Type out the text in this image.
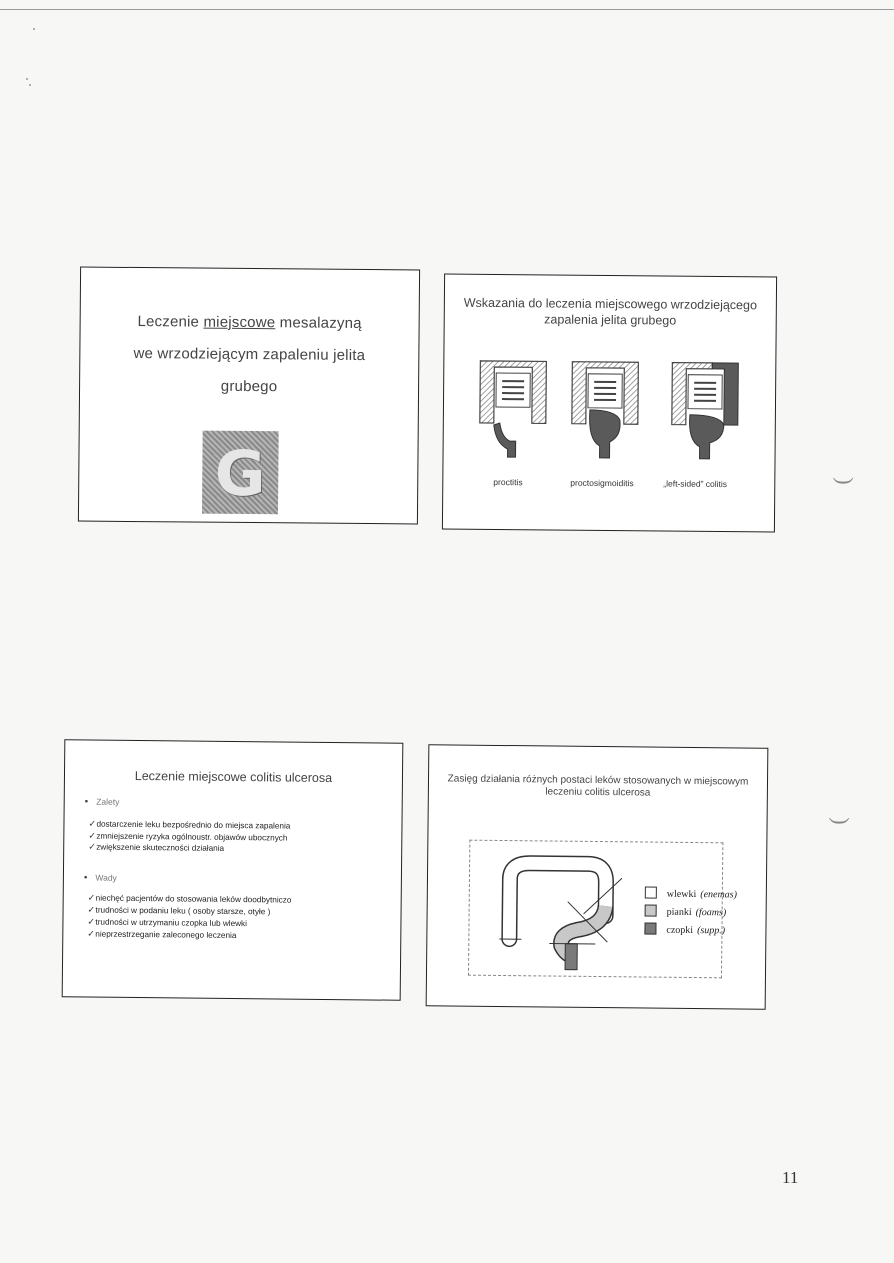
Leczenie miejscowe mesalazyną
we wrzodziejącym zapaleniu jelita
grubego
G
Wskazania do leczenia miejscowego wrzodziejącego zapalenia jelita grubego
proctitis	proctosigmoiditis	„left-sided” colitis
Leczenie miejscowe colitis ulcerosa
• Zalety
✓dostarczenie leku bezpośrednio do miejsca zapalenia
✓zmniejszenie ryzyka ogólnoustr. objawów ubocznych
✓zwiększenie skuteczności działania
• Wady
✓niechęć pacjentów do stosowania leków doodbytniczo
✓trudności w podaniu leku ( osoby starsze, otyłe )
✓trudności w utrzymaniu czopka lub wlewki
✓nieprzestrzeganie zaleconego leczenia
Zasięg działania różnych postaci leków stosowanych w miejscowym leczeniu colitis ulcerosa
wlewki (enemas)
pianki (foams)
czopki (supp.)
(
(
11
